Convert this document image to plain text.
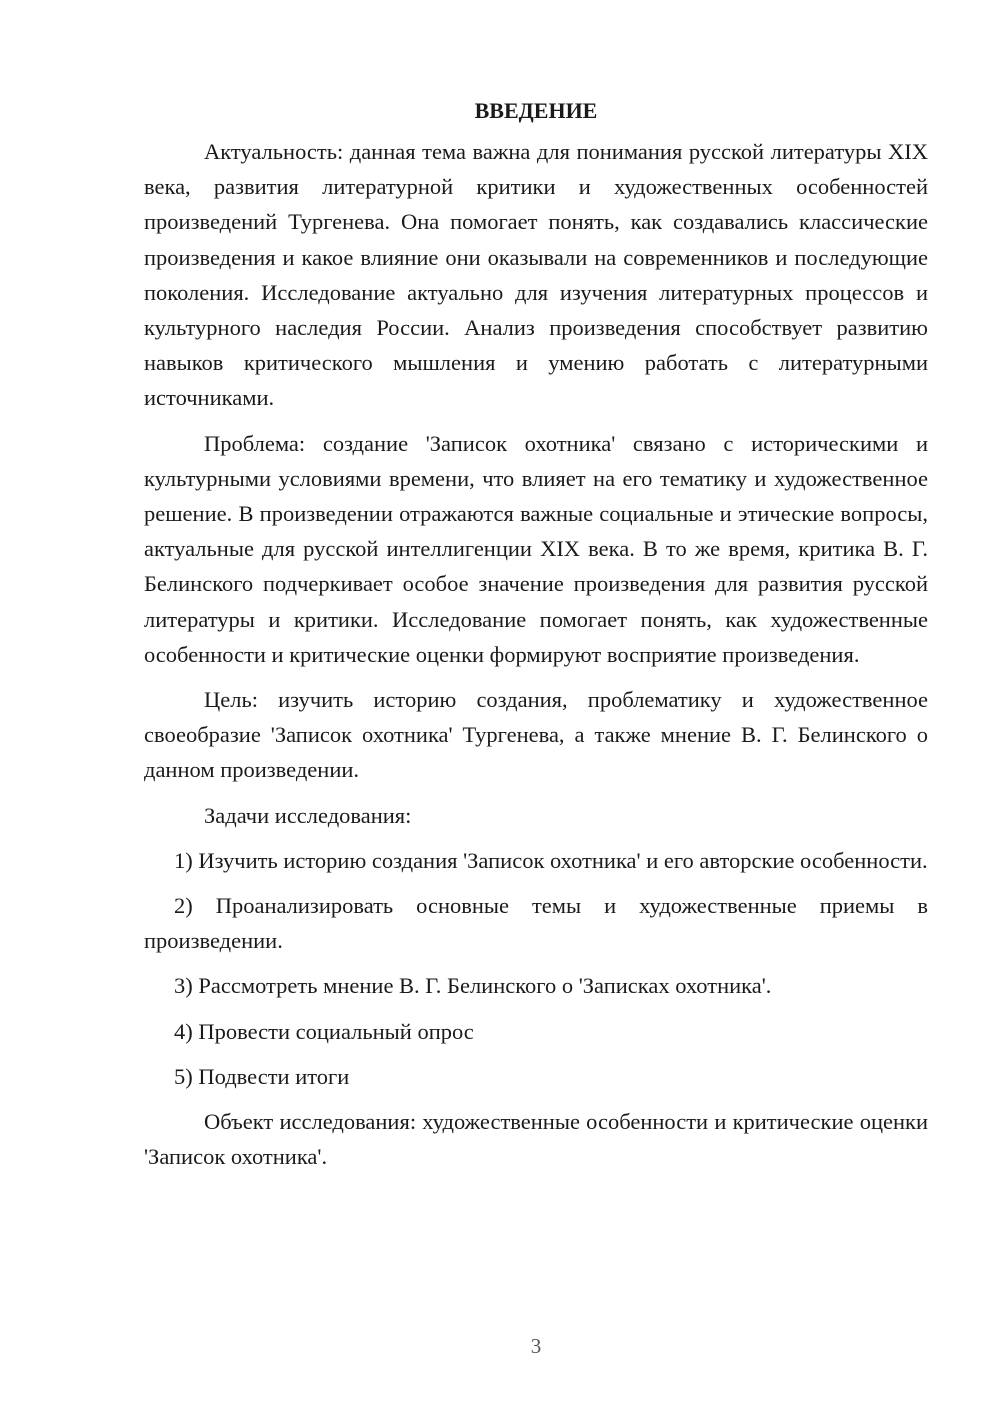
ВВЕДЕНИЕ

Актуальность: данная тема важна для понимания русской литературы XIX века, развития литературной критики и художественных особенностей произведений Тургенева. Она помогает понять, как создавались классические произведения и какое влияние они оказывали на современников и последующие поколения. Исследование актуально для изучения литературных процессов и культурного наследия России. Анализ произведения способствует развитию навыков критического мышления и умению работать с литературными источниками.

Проблема: создание 'Записок охотника' связано с историческими и культурными условиями времени, что влияет на его тематику и художественное решение. В произведении отражаются важные социальные и этические вопросы, актуальные для русской интеллигенции XIX века. В то же время, критика В. Г. Белинского подчеркивает особое значение произведения для развития русской литературы и критики. Исследование помогает понять, как художественные особенности и критические оценки формируют восприятие произведения.

Цель: изучить историю создания, проблематику и художественное своеобразие 'Записок охотника' Тургенева, а также мнение В. Г. Белинского о данном произведении.

Задачи исследования:

1) Изучить историю создания 'Записок охотника' и его авторские особенности.

2) Проанализировать основные темы и художественные приемы в произведении.

3) Рассмотреть мнение В. Г. Белинского о 'Записках охотника'.

4) Провести социальный опрос

5) Подвести итоги

Объект исследования: художественные особенности и критические оценки 'Записок охотника'.

3
